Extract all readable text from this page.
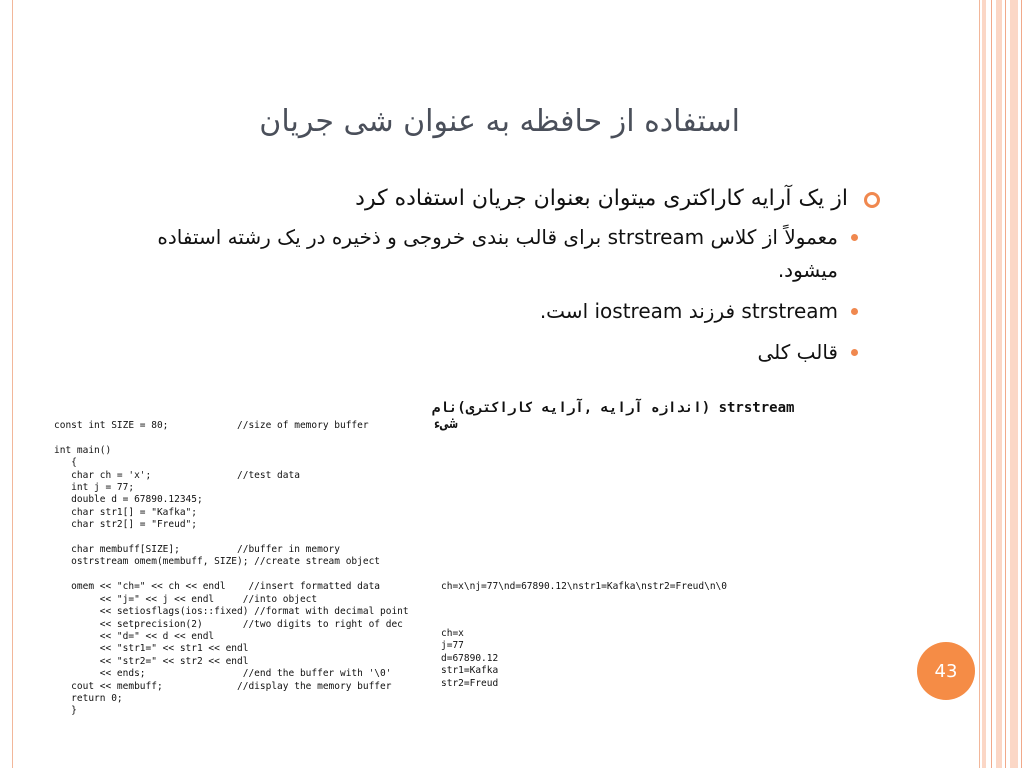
استفاده از حافظه به عنوان شی جریان
از یک آرایه کاراکتری میتوان بعنوان جریان استفاده کرد
معمولاً از کلاس strstream برای قالب بندی خروجی و ذخیره در یک رشته استفاده میشود.
strstream فرزند iostream است.
قالب کلی
strstream (اندازه آرایه ,آرایه کاراکتری)نام شیء
const int SIZE = 80;            //size of memory buffer

int main()
{
char ch = 'x';               //test data
int j = 77;
double d = 67890.12345;
char str1[] = "Kafka";
char str2[] = "Freud";

char membuff[SIZE];          //buffer in memory
ostrstream omem(membuff, SIZE); //create stream object

omem << "ch=" << ch << endl    //insert formatted data
<< "j=" << j << endl     //into object
<< setiosflags(ios::fixed) //format with decimal point
<< setprecision(2)       //two digits to right of dec
<< "d=" << d << endl
<< "str1=" << str1 << endl
<< "str2=" << str2 << endl
<< ends;                 //end the buffer with '\0'
cout << membuff;             //display the memory buffer
return 0;
}

ch=x\nj=77\nd=67890.12\nstr1=Kafka\nstr2=Freud\n\0

ch=x
j=77
d=67890.12
str1=Kafka
str2=Freud

43
